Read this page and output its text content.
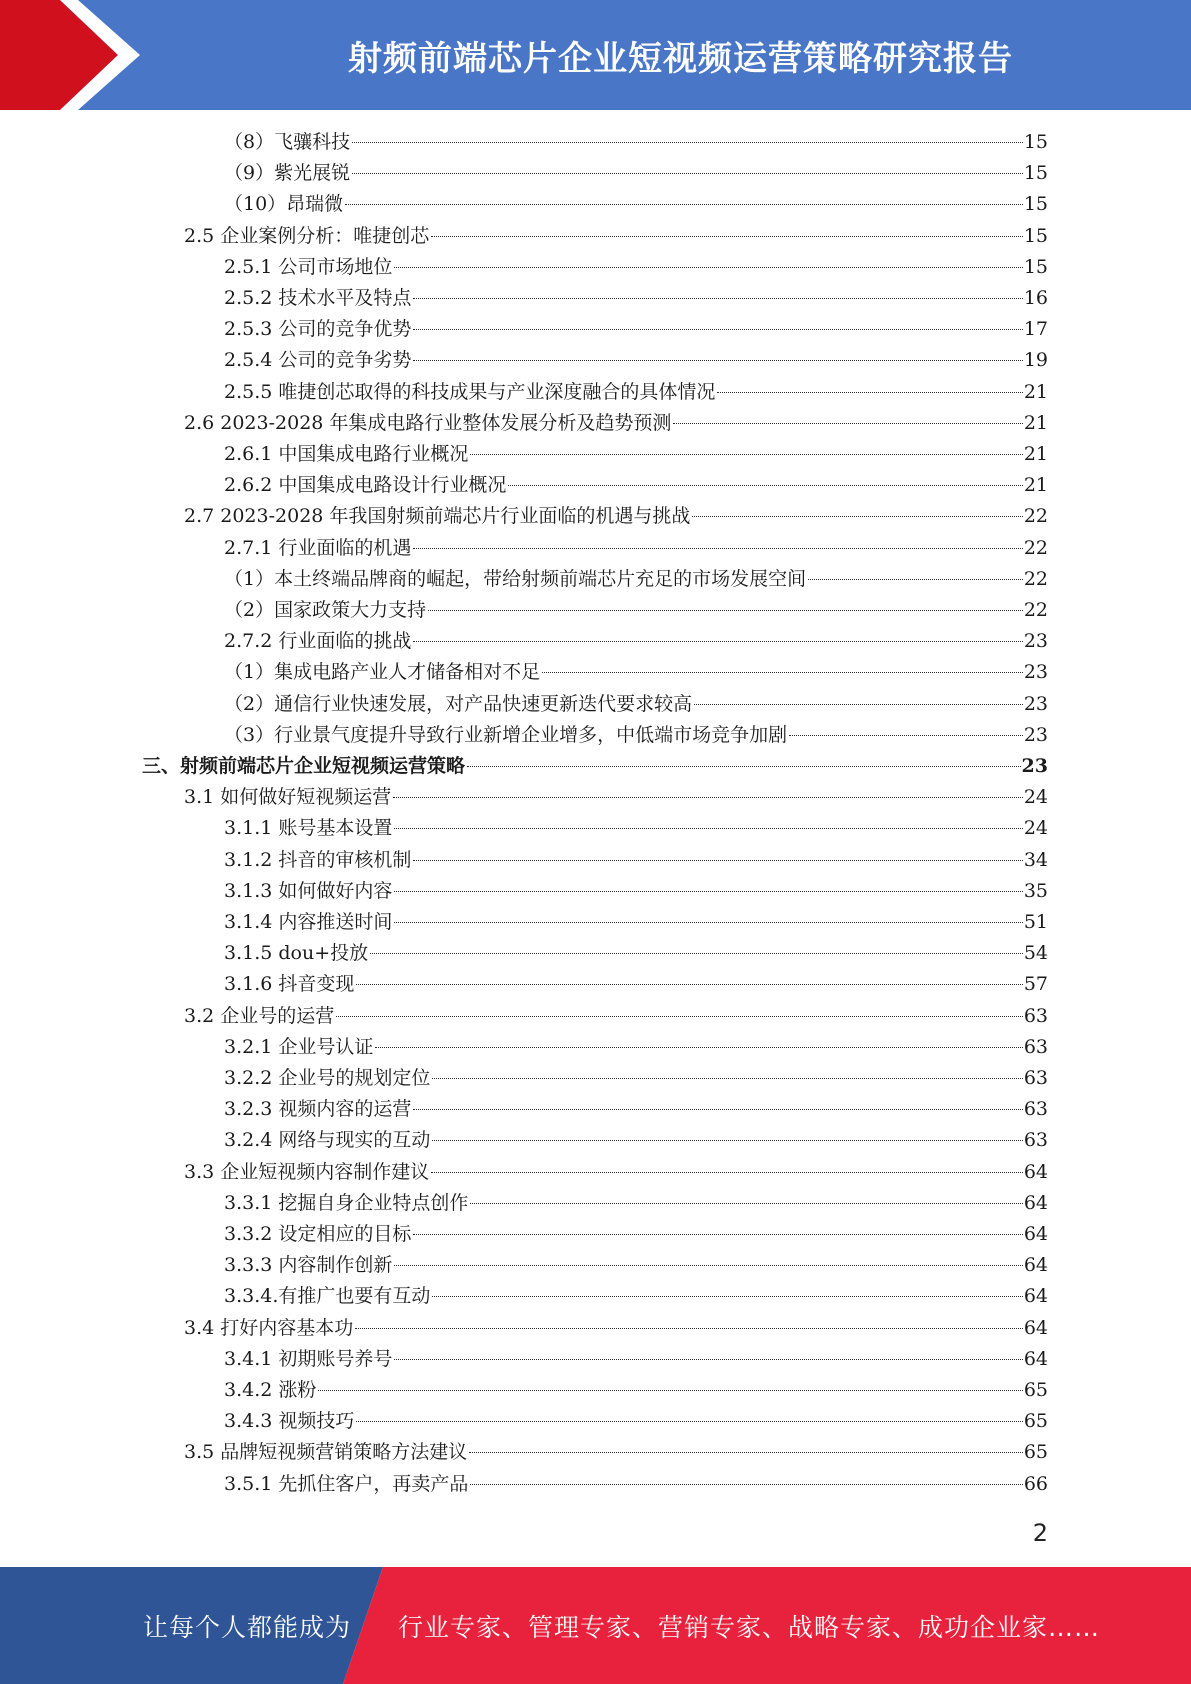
射频前端芯片企业短视频运营策略研究报告
（8）飞骧科技	15
（9）紫光展锐	15
（10）昂瑞微	15
2.5 企业案例分析：唯捷创芯	15
2.5.1 公司市场地位	15
2.5.2 技术水平及特点	16
2.5.3 公司的竞争优势	17
2.5.4 公司的竞争劣势	19
2.5.5 唯捷创芯取得的科技成果与产业深度融合的具体情况	21
2.6 2023-2028 年集成电路行业整体发展分析及趋势预测	21
2.6.1 中国集成电路行业概况	21
2.6.2 中国集成电路设计行业概况	21
2.7 2023-2028 年我国射频前端芯片行业面临的机遇与挑战	22
2.7.1 行业面临的机遇	22
（1）本土终端品牌商的崛起，带给射频前端芯片充足的市场发展空间	22
（2）国家政策大力支持	22
2.7.2 行业面临的挑战	23
（1）集成电路产业人才储备相对不足	23
（2）通信行业快速发展，对产品快速更新迭代要求较高	23
（3）行业景气度提升导致行业新增企业增多，中低端市场竞争加剧	23
三、射频前端芯片企业短视频运营策略	23
3.1 如何做好短视频运营	24
3.1.1 账号基本设置	24
3.1.2 抖音的审核机制	34
3.1.3 如何做好内容	35
3.1.4 内容推送时间	51
3.1.5 dou+投放	54
3.1.6 抖音变现	57
3.2 企业号的运营	63
3.2.1 企业号认证	63
3.2.2 企业号的规划定位	63
3.2.3 视频内容的运营	63
3.2.4 网络与现实的互动	63
3.3 企业短视频内容制作建议	64
3.3.1 挖掘自身企业特点创作	64
3.3.2 设定相应的目标	64
3.3.3 内容制作创新	64
3.3.4.有推广也要有互动	64
3.4 打好内容基本功	64
3.4.1 初期账号养号	64
3.4.2 涨粉	65
3.4.3 视频技巧	65
3.5 品牌短视频营销策略方法建议	65
3.5.1 先抓住客户，再卖产品	66
2
让每个人都能成为 行业专家、管理专家、营销专家、战略专家、成功企业家……
